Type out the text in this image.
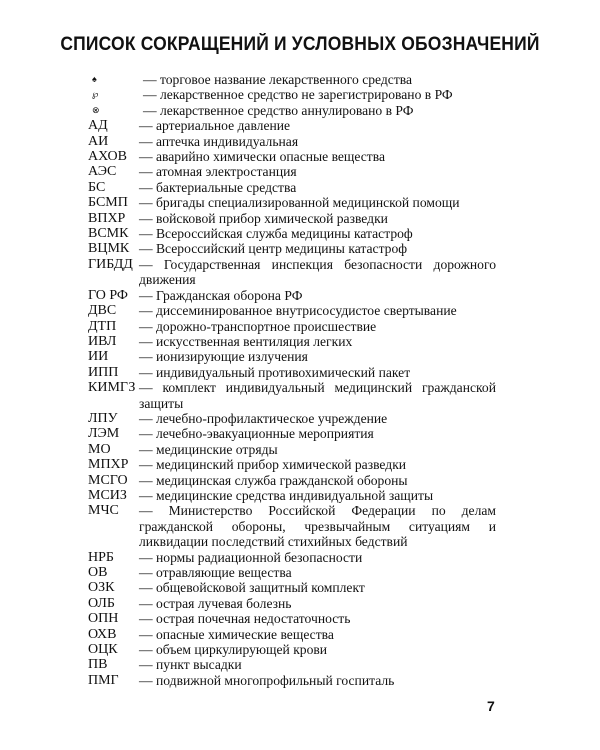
СПИСОК СОКРАЩЕНИЙ И УСЛОВНЫХ ОБОЗНАЧЕНИЙ
♠	— торговое название лекарственного средства
℘	— лекарственное средство не зарегистрировано в РФ
⊗	— лекарственное средство аннулировано в РФ
АД	— артериальное давление
АИ	— аптечка индивидуальная
АХОВ — аварийно химически опасные вещества
АЭС	— атомная электростанция
БС	— бактериальные средства
БСМП — бригады специализированной медицинской помощи
ВПХР	— войсковой прибор химической разведки
ВСМК — Всероссийская служба медицины катастроф
ВЦМК — Всероссийский центр медицины катастроф
ГИБДД — Государственная инспекция безопасности дорожного движения
ГО РФ — Гражданская оборона РФ
ДВС	— диссеминированное внутрисосудистое свертывание
ДТП	— дорожно-транспортное происшествие
ИВЛ	— искусственная вентиляция легких
ИИ	— ионизирующие излучения
ИПП	— индивидуальный противохимический пакет
КИМГЗ — комплект индивидуальный медицинский гражданской защиты
ЛПУ	— лечебно-профилактическое учреждение
ЛЭМ	— лечебно-эвакуационные мероприятия
МО	— медицинские отряды
МПХР — медицинский прибор химической разведки
МСГО — медицинская служба гражданской обороны
МСИЗ — медицинские средства индивидуальной защиты
МЧС	— Министерство Российской Федерации по делам гражданской обороны, чрезвычайным ситуациям и ликвидации последствий стихийных бедствий
НРБ	— нормы радиационной безопасности
ОВ	— отравляющие вещества
ОЗК	— общевойсковой защитный комплект
ОЛБ	— острая лучевая болезнь
ОПН	— острая почечная недостаточность
ОХВ	— опасные химические вещества
ОЦК	— объем циркулирующей крови
ПВ	— пункт высадки
ПМГ	— подвижной многопрофильный госпиталь
7
